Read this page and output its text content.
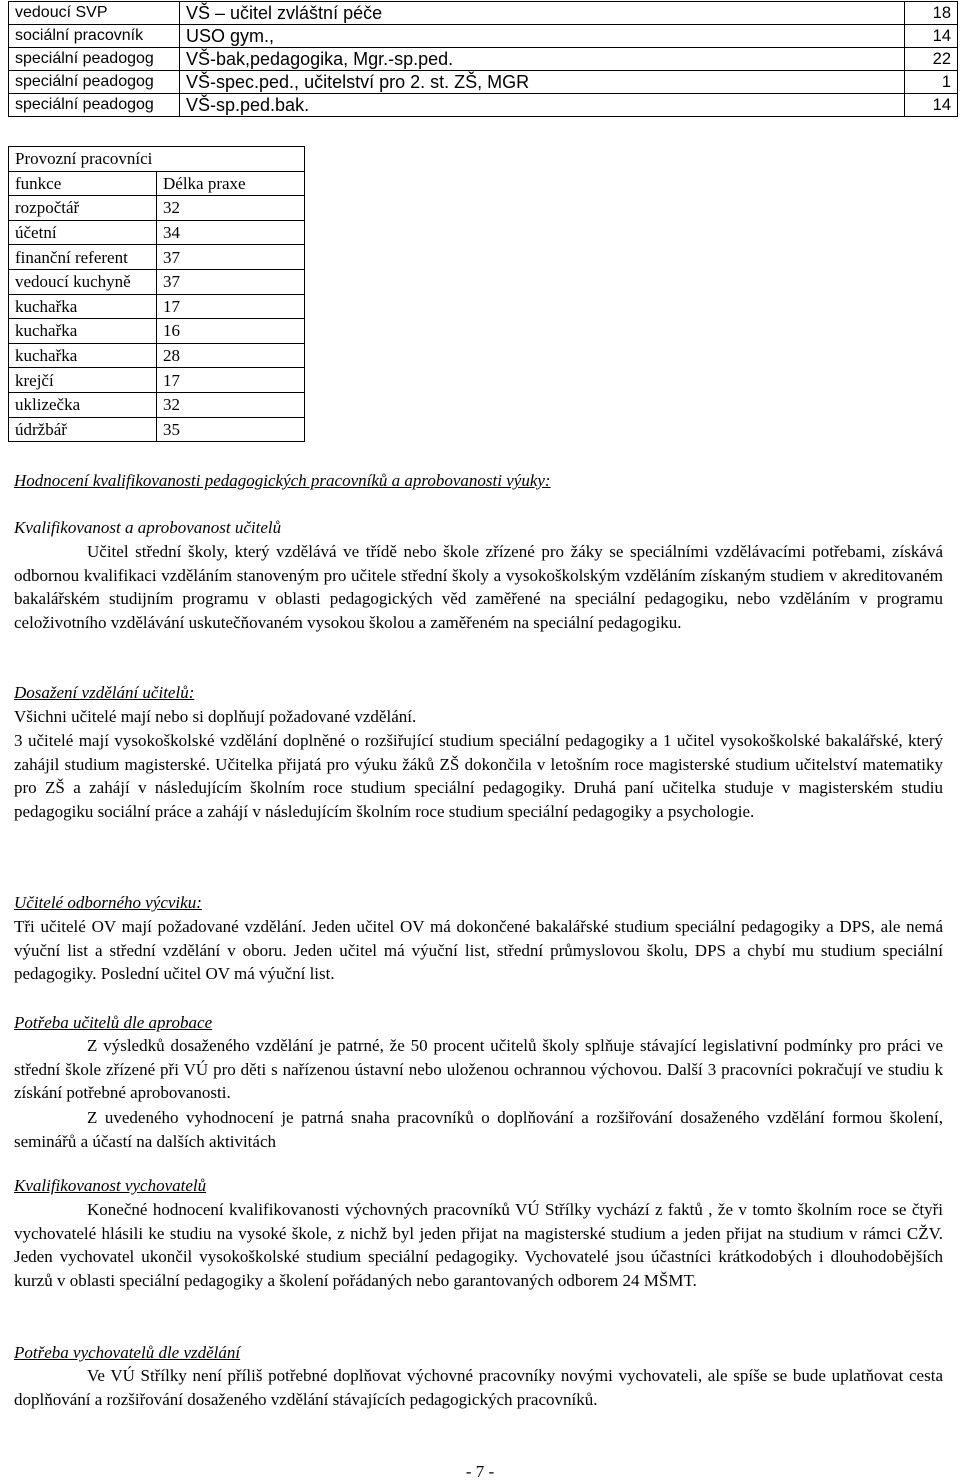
vedoucí SVP	VŠ – učitel zvláštní péče	18
sociální pracovník	USO gym.,	14
speciální peadogog	VŠ-bak,pedagogika, Mgr.-sp.ped.	22
speciální peadogog	VŠ-spec.ped., učitelství pro 2. st. ZŠ, MGR	1
speciální peadogog	VŠ-sp.ped.bak.	14
Provozní pracovníci	
funkce	Délka praxe
rozpočtář	32
účetní	34
finanční referent	37
vedoucí kuchyně	37
kuchařka	17
kuchařka	16
kuchařka	28
krejčí	17
uklizečka	32
údržbář	35

Hodnocení kvalifikovanosti pedagogických pracovníků a aprobovanosti výuky:

Kvalifikovanost a aprobovanost učitelů

Učitel střední školy, který vzdělává ve třídě nebo škole zřízené pro žáky se speciálními vzdělávacími potřebami, získává odbornou kvalifikaci vzděláním stanoveným pro učitele střední školy a vysokoškolským vzděláním získaným studiem v akreditovaném bakalářském studijním programu v oblasti pedagogických věd zaměřené na speciální pedagogiku, nebo vzděláním v programu celoživotního vzdělávání uskutečňovaném vysokou školou a zaměřeném na speciální pedagogiku.

Dosažení vzdělání učitelů:

Všichni učitelé mají nebo si doplňují požadované vzdělání.

3 učitelé mají vysokoškolské vzdělání doplněné o rozšiřující studium speciální pedagogiky a 1 učitel vysokoškolské bakalářské, který zahájil studium magisterské. Učitelka přijatá pro výuku žáků ZŠ dokončila v letošním roce magisterské studium učitelství matematiky pro ZŠ a zahájí v následujícím školním roce studium speciální pedagogiky. Druhá paní učitelka studuje v magisterském studiu pedagogiku sociální práce a zahájí v následujícím školním roce studium speciální pedagogiky a psychologie.

Učitelé odborného výcviku:

Tři učitelé OV mají požadované vzdělání. Jeden učitel OV má dokončené bakalářské studium speciální pedagogiky a DPS, ale nemá výuční list a střední vzdělání v oboru. Jeden učitel má výuční list, střední průmyslovou školu, DPS a chybí mu studium speciální pedagogiky. Poslední učitel OV má výuční list.

Potřeba učitelů dle aprobace

Z výsledků dosaženého vzdělání je patrné, že 50 procent učitelů školy splňuje stávající legislativní podmínky pro práci ve střední škole zřízené při VÚ pro děti s nařízenou ústavní nebo uloženou ochrannou výchovou. Další 3 pracovníci pokračují ve studiu k získání potřebné aprobovanosti.

Z uvedeného vyhodnocení je patrná snaha pracovníků o doplňování a rozšiřování dosaženého vzdělání formou školení, seminářů a účastí na dalších aktivitách

Kvalifikovanost vychovatelů

Konečné hodnocení kvalifikovanosti výchovných pracovníků VÚ Střílky vychází z faktů , že v tomto školním roce se čtyři vychovatelé hlásili ke studiu na vysoké škole, z nichž byl jeden přijat na magisterské studium a jeden přijat na studium v rámci CŽV. Jeden vychovatel ukončil vysokoškolské studium speciální pedagogiky. Vychovatelé jsou účastníci krátkodobých i dlouhodobějších kurzů v oblasti speciální pedagogiky a školení pořádaných nebo garantovaných odborem 24 MŠMT.

Potřeba vychovatelů dle vzdělání

Ve VÚ Střílky není příliš potřebné doplňovat výchovné pracovníky novými vychovateli, ale spíše se bude uplatňovat cesta doplňování a rozšiřování dosaženého vzdělání stávajících pedagogických pracovníků.

- 7 -
